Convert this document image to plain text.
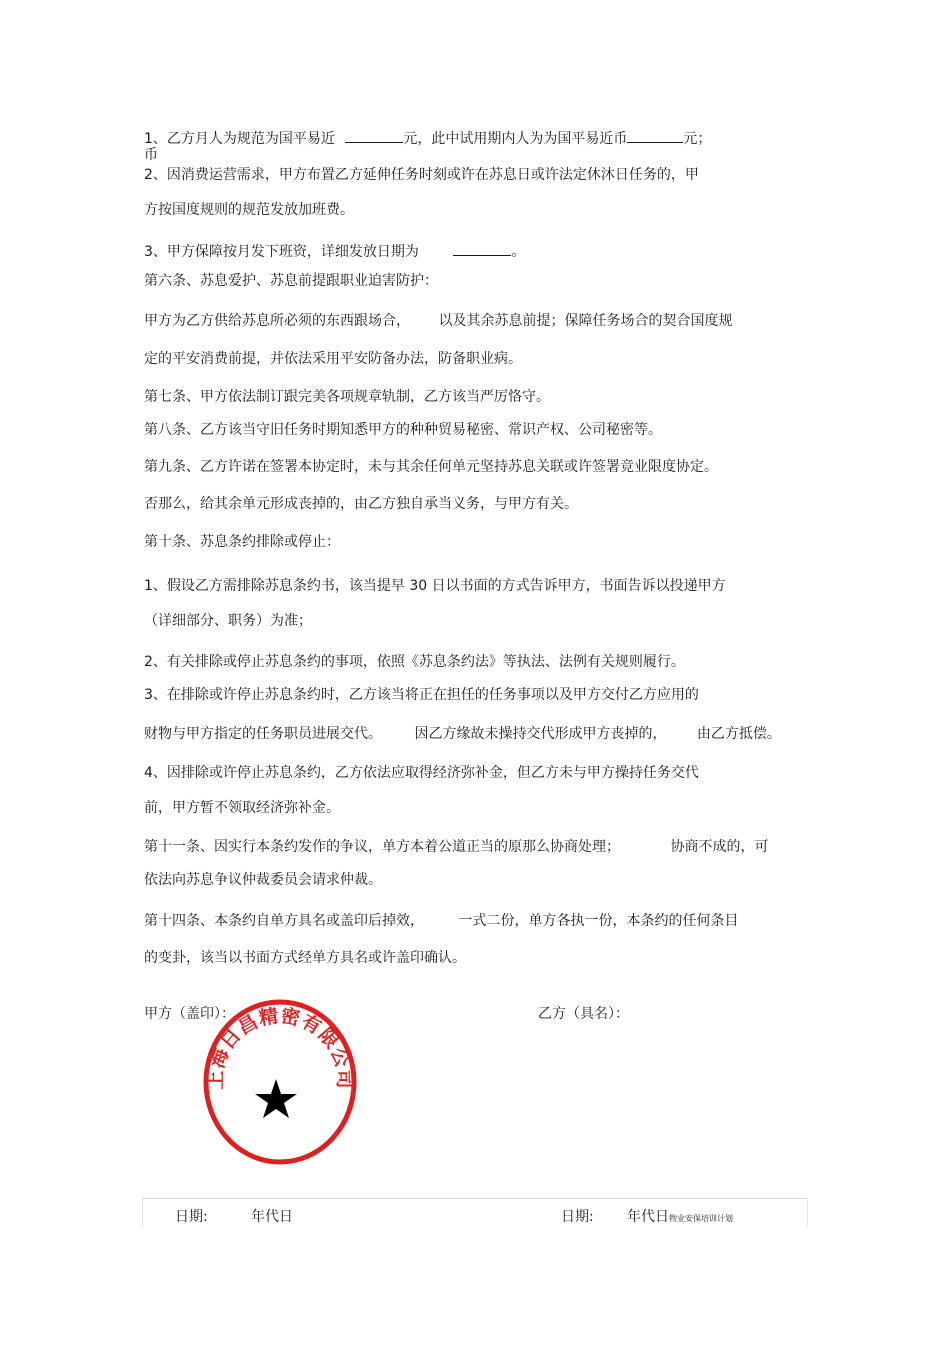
1、乙方月人为规范为国平易近	元，此中试用期内人为为国平易近币	元；
币
2、因消费运营需求，甲方布置乙方延伸任务时刻或许在苏息日或许法定休沐日任务的，甲
方按国度规则的规范发放加班费。
3、甲方保障按月发下班资，详细发放日期为	。
第六条、苏息爱护、苏息前提跟职业迫害防护：
甲方为乙方供给苏息所必须的东西跟场合， 以及其余苏息前提；保障任务场合的契合国度规
定的平安消费前提，并依法采用平安防备办法，防备职业病。
第七条、甲方依法制订跟完美各项规章轨制，乙方该当严厉恪守。
第八条、乙方该当守旧任务时期知悉甲方的种种贸易秘密、常识产权、公司秘密等。
第九条、乙方许诺在签署本协定时，未与其余任何单元坚持苏息关联或许签署竞业限度协定。
否那么，给其余单元形成丧掉的，由乙方独自承当义务，与甲方有关。
第十条、苏息条约排除或停止：
1、假设乙方需排除苏息条约书，该当提早 30 日以书面的方式告诉甲方，书面告诉以投递甲方
（详细部分、职务）为准；
2、有关排除或停止苏息条约的事项，依照《苏息条约法》等执法、法例有关规则履行。
3、在排除或许停止苏息条约时，乙方该当将正在担任的任务事项以及甲方交付乙方应用的
财物与甲方指定的任务职员进展交代。 因乙方缘故未操持交代形成甲方丧掉的， 由乙方抵偿。
4、因排除或许停止苏息条约，乙方依法应取得经济弥补金，但乙方未与甲方操持任务交代
前，甲方暂不领取经济弥补金。
第十一条、因实行本条约发作的争议，单方本着公道正当的原那么协商处理；	协商不成的，可
依法向苏息争议仲裁委员会请求仲裁。
第十四条、本条约自单方具名或盖印后掉效， 一式二份，单方各执一份，本条约的任何条目
的变卦，该当以书面方式经单方具名或许盖印确认。
甲方（盖印）：	乙方（具名）：
上海日昌精密有限公司
日期:	年代日	日期: 年代日物业安保培训计划
